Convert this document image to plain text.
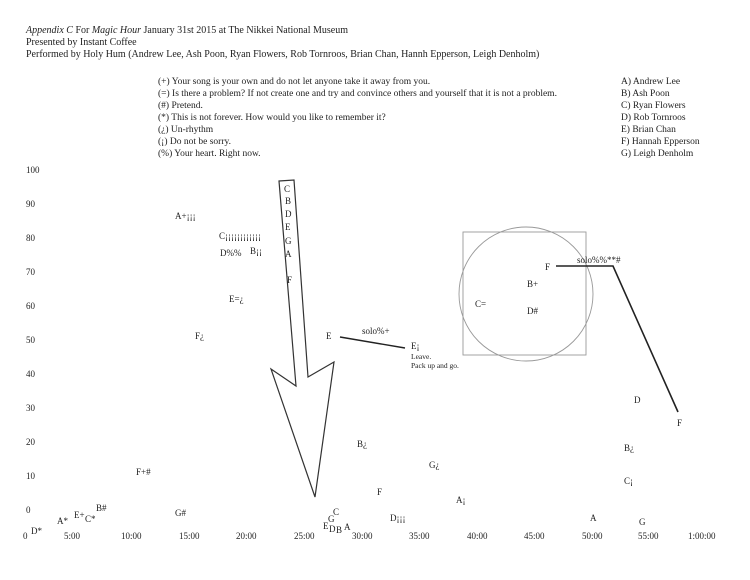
Appendix C For Magic Hour January 31st 2015 at The Nikkei National Museum
Presented by Instant Coffee
Performed by Holy Hum (Andrew Lee, Ash Poon, Ryan Flowers, Rob Tornroos, Brian Chan, Hannh Epperson, Leigh Denholm)
(+) Your song is your own and do not let anyone take it away from you.
(=) Is there a problem? If not create one and try and convince others and yourself that it is not a problem.
(#) Pretend.
(*) This is not forever. How would you like to remember it?
(¿) Un-rhythm
(¡) Do not be sorry.
(%) Your heart. Right now.
A) Andrew Lee
B) Ash Poon
C) Ryan Flowers
D) Rob Tornroos
E) Brian Chan
F) Hannah Epperson
G) Leigh Denholm
100
90
80
70
60
50
40
30
20
10
0
0	5:00	10:00	15:00	20:00	25:00	30:00	35:00	40:00	45:00	50:00	55:00	1:00:00
C
B
D
E
G
A
F
D*
A*
E+ C*
B#
F+#
G#
A+¡¡¡
C¡¡¡¡¡¡¡¡¡¡¡¡
D%% B¡¡
E=¿
F¿
C
G
E D B A
F
D¡¡¡
B¿
G¿
A¡
E	solo%+
E¡
C=
F
B+
D#
solo%%**#
A	G
C¡
B¿
D
F
Leave.
Pack up and go.
